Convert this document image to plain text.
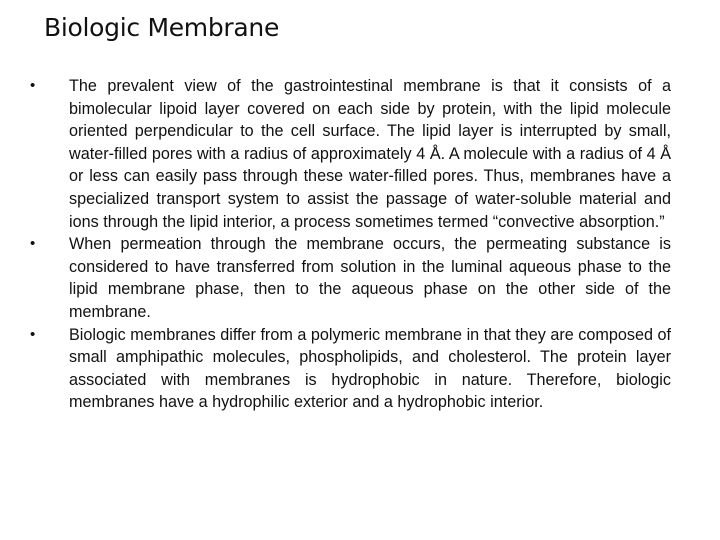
Biologic Membrane
• The prevalent view of the gastrointestinal membrane is that it consists of a bimolecular lipoid layer covered on each side by protein, with the lipid molecule oriented perpendicular to the cell surface. The lipid layer is interrupted by small, water-filled pores with a radius of approximately 4 Å. A molecule with a radius of 4 Å or less can easily pass through these water-filled pores. Thus, membranes have a specialized transport system to assist the passage of water-soluble material and ions through the lipid interior, a process sometimes termed “convective absorption.”
• When permeation through the membrane occurs, the permeating substance is considered to have transferred from solution in the luminal aqueous phase to the lipid membrane phase, then to the aqueous phase on the other side of the membrane.
• Biologic membranes differ from a polymeric membrane in that they are composed of small amphipathic molecules, phospholipids, and cholesterol. The protein layer associated with membranes is hydrophobic in nature. Therefore, biologic membranes have a hydrophilic exterior and a hydrophobic interior.
